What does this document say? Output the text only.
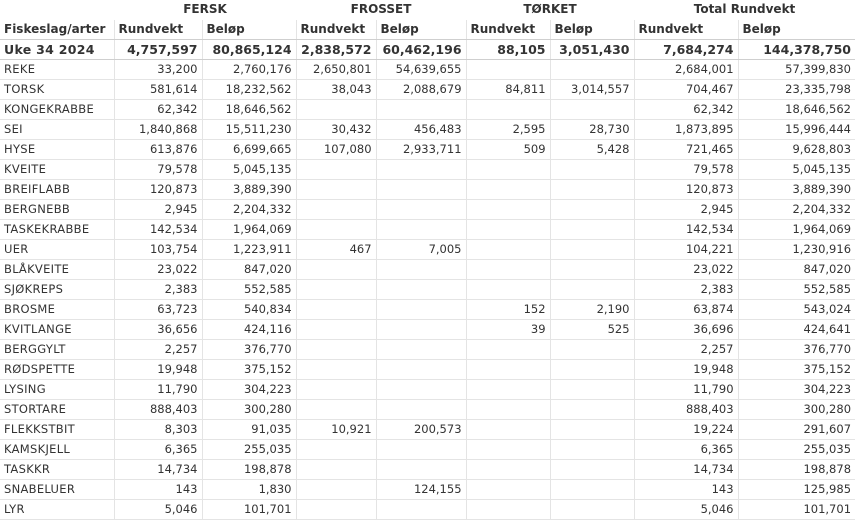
	FERSK		FROSSET		TØRKET		Total Rundvekt	
Fiskeslag/arter	Rundvekt	Beløp	Rundvekt	Beløp	Rundvekt	Beløp	Rundvekt	Beløp
Uke 34 2024	4,757,597	80,865,124	2,838,572	60,462,196	88,105	3,051,430	7,684,274	144,378,750
REKE	33,200	2,760,176	2,650,801	54,639,655			2,684,001	57,399,830
TORSK	581,614	18,232,562	38,043	2,088,679	84,811	3,014,557	704,467	23,335,798
KONGEKRABBE	62,342	18,646,562					62,342	18,646,562
SEI	1,840,868	15,511,230	30,432	456,483	2,595	28,730	1,873,895	15,996,444
HYSE	613,876	6,699,665	107,080	2,933,711	509	5,428	721,465	9,628,803
KVEITE	79,578	5,045,135					79,578	5,045,135
BREIFLABB	120,873	3,889,390					120,873	3,889,390
BERGNEBB	2,945	2,204,332					2,945	2,204,332
TASKEKRABBE	142,534	1,964,069					142,534	1,964,069
UER	103,754	1,223,911	467	7,005			104,221	1,230,916
BLÅKVEITE	23,022	847,020					23,022	847,020
SJØKREPS	2,383	552,585					2,383	552,585
BROSME	63,723	540,834			152	2,190	63,874	543,024
KVITLANGE	36,656	424,116			39	525	36,696	424,641
BERGGYLT	2,257	376,770					2,257	376,770
RØDSPETTE	19,948	375,152					19,948	375,152
LYSING	11,790	304,223					11,790	304,223
STORTARE	888,403	300,280					888,403	300,280
FLEKKSTBIT	8,303	91,035	10,921	200,573			19,224	291,607
KAMSKJELL	6,365	255,035					6,365	255,035
TASKKR	14,734	198,878					14,734	198,878
SNABELUER	143	1,830		124,155			143	125,985
LYR	5,046	101,701					5,046	101,701
